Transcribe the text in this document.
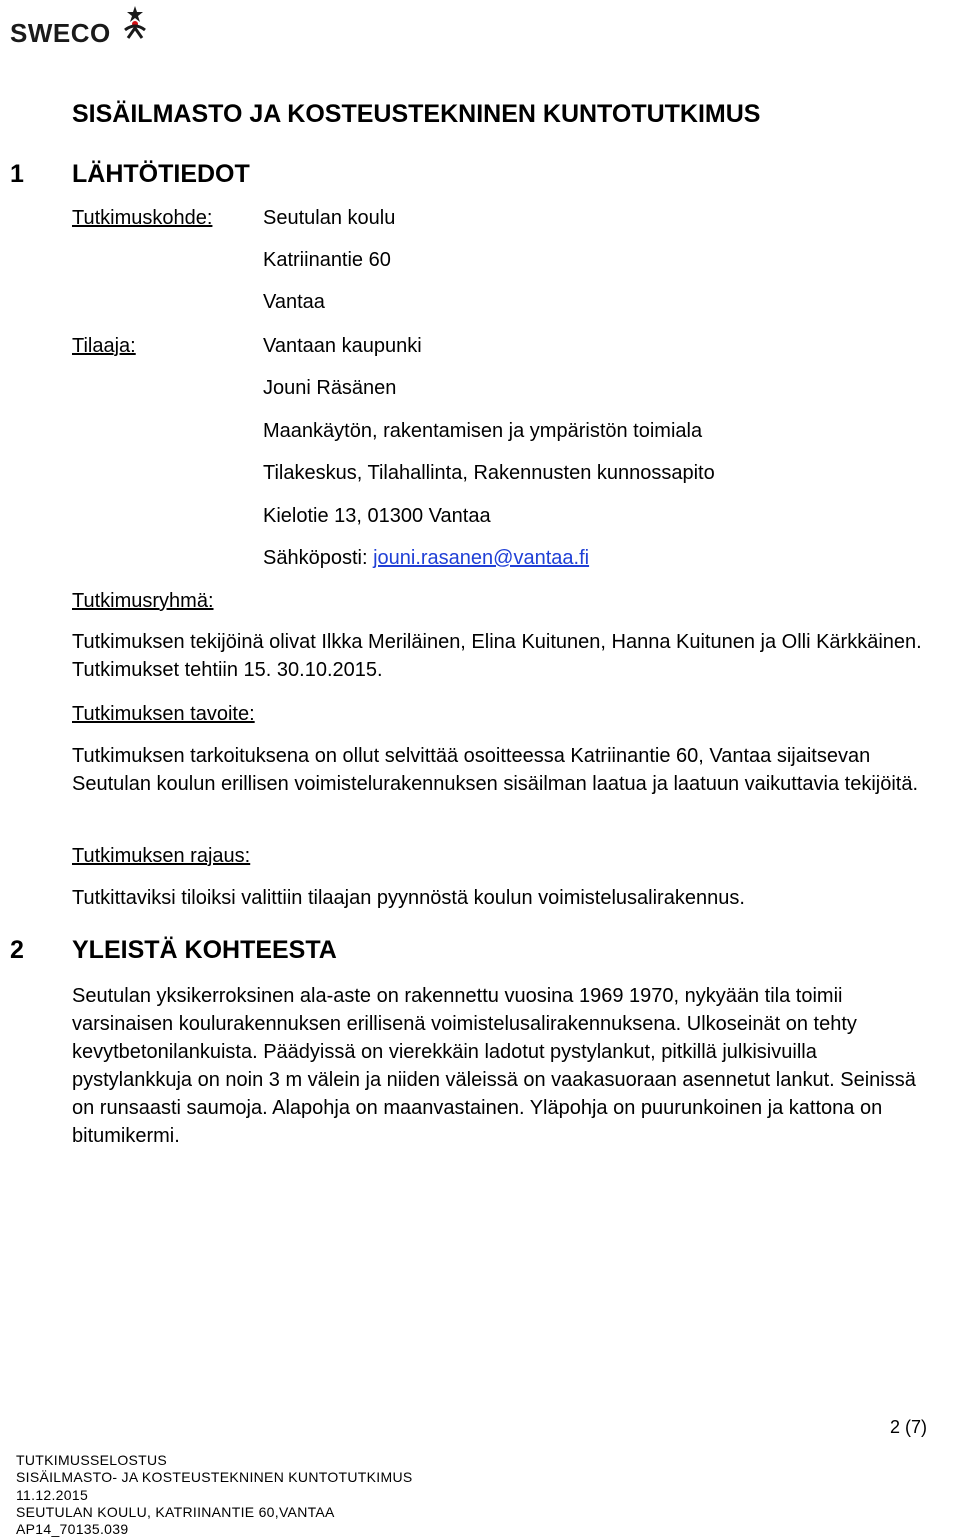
SWECO
SISÄILMASTO JA KOSTEUSTEKNINEN KUNTOTUTKIMUS
1 LÄHTÖTIEDOT
Tutkimuskohde:	Seutulan koulu
Katriinantie 60
Vantaa
Tilaaja:	Vantaan kaupunki
Jouni Räsänen
Maankäytön, rakentamisen ja ympäristön toimiala
Tilakeskus, Tilahallinta, Rakennusten kunnossapito
Kielotie 13, 01300 Vantaa
Sähköposti: jouni.rasanen@vantaa.fi
Tutkimusryhmä:
Tutkimuksen tekijöinä olivat Ilkka Meriläinen, Elina Kuitunen, Hanna Kuitunen ja Olli Kärkkäinen. Tutkimukset tehtiin 15. 30.10.2015.
Tutkimuksen tavoite:
Tutkimuksen tarkoituksena on ollut selvittää osoitteessa Katriinantie 60, Vantaa sijaitsevan Seutulan koulun erillisen voimistelurakennuksen sisäilman laatua ja laatuun vaikuttavia tekijöitä.
Tutkimuksen rajaus:
Tutkittaviksi tiloiksi valittiin tilaajan pyynnöstä koulun voimistelusalirakennus.
2 YLEISTÄ KOHTEESTA
Seutulan yksikerroksinen ala-aste on rakennettu vuosina 1969 1970, nykyään tila toimii varsinaisen koulurakennuksen erillisenä voimistelusalirakennuksena. Ulkoseinät on tehty kevytbetonilankuista. Päädyissä on vierekkäin ladotut pystylankut, pitkillä julkisivuilla pystylankkuja on noin 3 m välein ja niiden väleissä on vaakasuoraan asennetut lankut. Seinissä on runsaasti saumoja. Alapohja on maanvastainen. Yläpohja on puurunkoinen ja kattona on bitumikermi.
2 (7)
TUTKIMUSSELOSTUS
SISÄILMASTO- JA KOSTEUSTEKNINEN KUNTOTUTKIMUS
11.12.2015
SEUTULAN KOULU, KATRIINANTIE 60,VANTAA
AP14_70135.039
